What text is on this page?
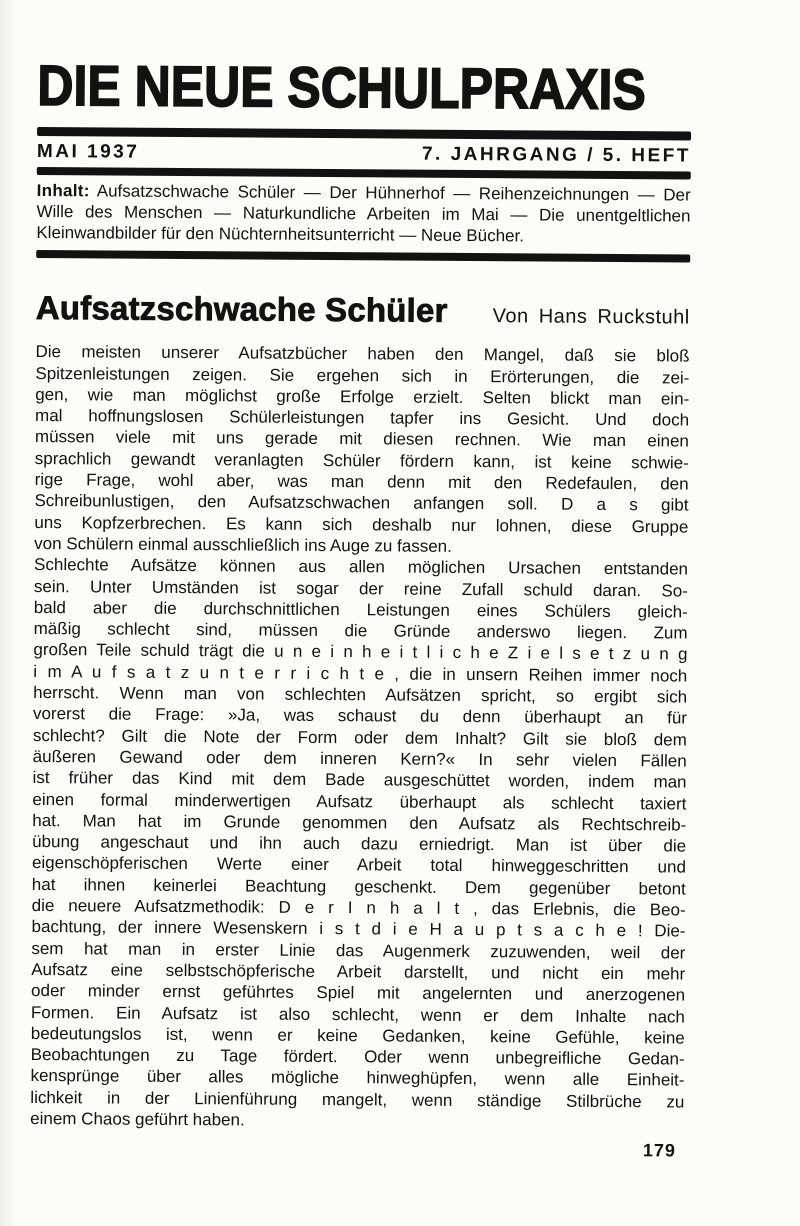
DIE NEUE SCHULPRAXIS
MAI 1937	7. JAHRGANG / 5. HEFT

Inhalt: Aufsatzschwache Schüler — Der Hühnerhof — Reihenzeichnungen — Der Wille des Menschen — Naturkundliche Arbeiten im Mai — Die unentgeltlichen Kleinwandbilder für den Nüchternheitsunterricht — Neue Bücher.

Aufsatzschwache Schüler Von Hans Ruckstuhl
Die meisten unserer Aufsatzbücher haben den Mangel, daß sie bloß
Spitzenleistungen zeigen. Sie ergehen sich in Erörterungen, die zei-
gen, wie man möglichst große Erfolge erzielt. Selten blickt man ein-
mal hoffnungslosen Schülerleistungen tapfer ins Gesicht. Und doch
müssen viele mit uns gerade mit diesen rechnen. Wie man einen
sprachlich gewandt veranlagten Schüler fördern kann, ist keine schwie-
rige Frage, wohl aber, was man denn mit den Redefaulen, den
Schreibunlustigen, den Aufsatzschwachen anfangen soll. D a s gibt
uns Kopfzerbrechen. Es kann sich deshalb nur lohnen, diese Gruppe
von Schülern einmal ausschließlich ins Auge zu fassen.
Schlechte Aufsätze können aus allen möglichen Ursachen entstanden
sein. Unter Umständen ist sogar der reine Zufall schuld daran. So-
bald aber die durchschnittlichen Leistungen eines Schülers gleich-
mäßig schlecht sind, müssen die Gründe anderswo liegen. Zum
großen Teile schuld trägt die u n e i n h e i t l i c h e Z i e l s e t z u n g
i m A u f s a t z u n t e r r i c h t e , die in unsern Reihen immer noch
herrscht. Wenn man von schlechten Aufsätzen spricht, so ergibt sich
vorerst die Frage: »Ja, was schaust du denn überhaupt an für
schlecht? Gilt die Note der Form oder dem Inhalt? Gilt sie bloß dem
äußeren Gewand oder dem inneren Kern?« In sehr vielen Fällen
ist früher das Kind mit dem Bade ausgeschüttet worden, indem man
einen formal minderwertigen Aufsatz überhaupt als schlecht taxiert
hat. Man hat im Grunde genommen den Aufsatz als Rechtschreib-
übung angeschaut und ihn auch dazu erniedrigt. Man ist über die
eigenschöpferischen Werte einer Arbeit total hinweggeschritten und
hat ihnen keinerlei Beachtung geschenkt. Dem gegenüber betont
die neuere Aufsatzmethodik: D e r I n h a l t , das Erlebnis, die Beo-
bachtung, der innere Wesenskern i s t d i e H a u p t s a c h e ! Die-
sem hat man in erster Linie das Augenmerk zuzuwenden, weil der
Aufsatz eine selbstschöpferische Arbeit darstellt, und nicht ein mehr
oder minder ernst geführtes Spiel mit angelernten und anerzogenen
Formen. Ein Aufsatz ist also schlecht, wenn er dem Inhalte nach
bedeutungslos ist, wenn er keine Gedanken, keine Gefühle, keine
Beobachtungen zu Tage fördert. Oder wenn unbegreifliche Gedan-
kensprünge über alles mögliche hinweghüpfen, wenn alle Einheit-
lichkeit in der Linienführung mangelt, wenn ständige Stilbrüche zu
einem Chaos geführt haben.
179
